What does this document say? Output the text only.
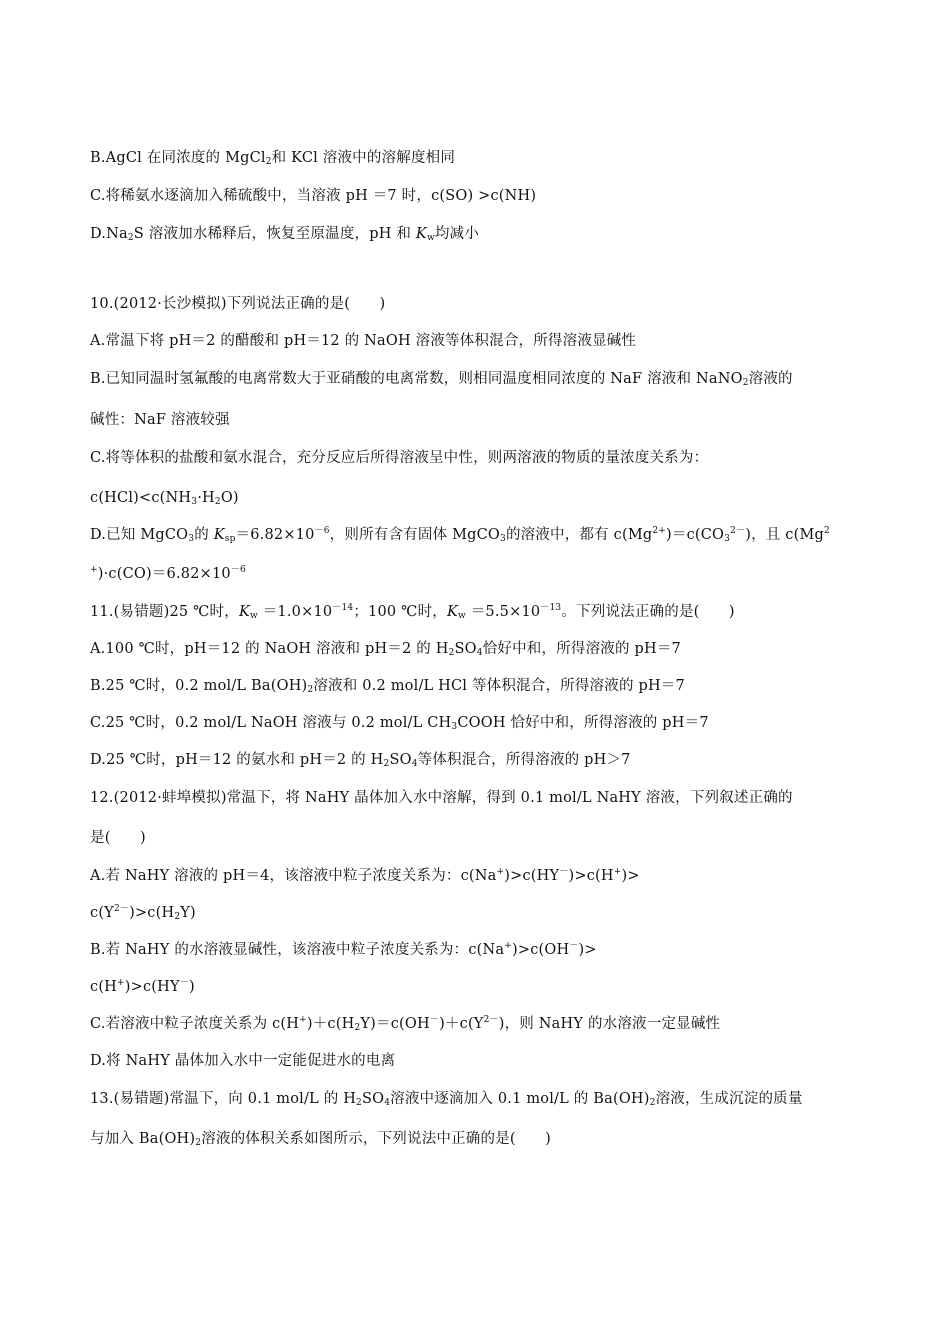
B.AgCl 在同浓度的 MgCl$_2$和 KCl 溶液中的溶解度相同
C.将稀氨水逐滴加入稀硫酸中，当溶液 pH ＝7 时，c(SO) >c(NH)
$D.Na_2S$ 溶液加水稀释后，恢复至原温度，pH 和 $K_w$均减小
10.(2012·长沙模拟)下列说法正确的是(　　)
A.常温下将 pH＝2 的醋酸和 pH＝12 的 NaOH 溶液等体积混合，所得溶液显碱性
B.已知同温时氢氟酸的电离常数大于亚硝酸的电离常数，则相同温度相同浓度的 NaF 溶液和 NaNO$_2$溶液的
碱性：NaF 溶液较强
C.将等体积的盐酸和氨水混合，充分反应后所得溶液呈中性，则两溶液的物质的量浓度关系为：
$c(HCl)<c(NH_3\cdot H_2O)$
D.已知 MgCO$_3$的 $K_{sp}=6.82\times 10^{-6}$，则所有含有固体 MgCO$_3$的溶液中，都有 $c(Mg^{2+})=c(CO_3^{2-})$，且 c(Mg$^2$
$^+)\cdot c(CO)=6.82\times 10^{-6}$
11.(易错题)25 ℃时，$K_w =1.0\times 10^{-14}$；100 ℃时，$K_w =5.5\times 10^{-13}$。下列说法正确的是(　　)
A.100 ℃时，pH＝12 的 NaOH 溶液和 pH＝2 的 $H_2SO_4$恰好中和，所得溶液的 pH＝7
B.25 ℃时，0.2 mol/L $Ba(OH)_2$溶液和 0.2 mol/L HCl 等体积混合，所得溶液的 pH＝7
C.25 ℃时，0.2 mol/L NaOH 溶液与 0.2 mol/L $CH_3COOH$ 恰好中和，所得溶液的 pH＝7
D.25 ℃时，pH＝12 的氨水和 pH＝2 的 $H_2SO_4$等体积混合，所得溶液的 pH＞7
12.(2012·蚌埠模拟)常温下，将 NaHY 晶体加入水中溶解，得到 0.1 mol/L NaHY 溶液，下列叙述正确的
是(　　)
A.若 NaHY 溶液的 pH＝4，该溶液中粒子浓度关系为：c(Na+)>c(HY－)>c(H+)>
$c(Y^{2-})>c(H_2Y)$
B.若 NaHY 的水溶液显碱性，该溶液中粒子浓度关系为：c(Na+)>c(OH－)>
c(H+)>c(HY－)
C.若溶液中粒子浓度关系为 $c(H^+)+c(H_2Y)=c(OH^-)+c(Y^{2-})$，则 NaHY 的水溶液一定显碱性
D.将 NaHY 晶体加入水中一定能促进水的电离
13.(易错题)常温下，向 0.1 mol/L 的 $H_2SO_4$溶液中逐滴加入 0.1 mol/L 的 $Ba(OH)_2$溶液，生成沉淀的质量
与加入 $Ba(OH)_2$溶液的体积关系如图所示，下列说法中正确的是(　　)
